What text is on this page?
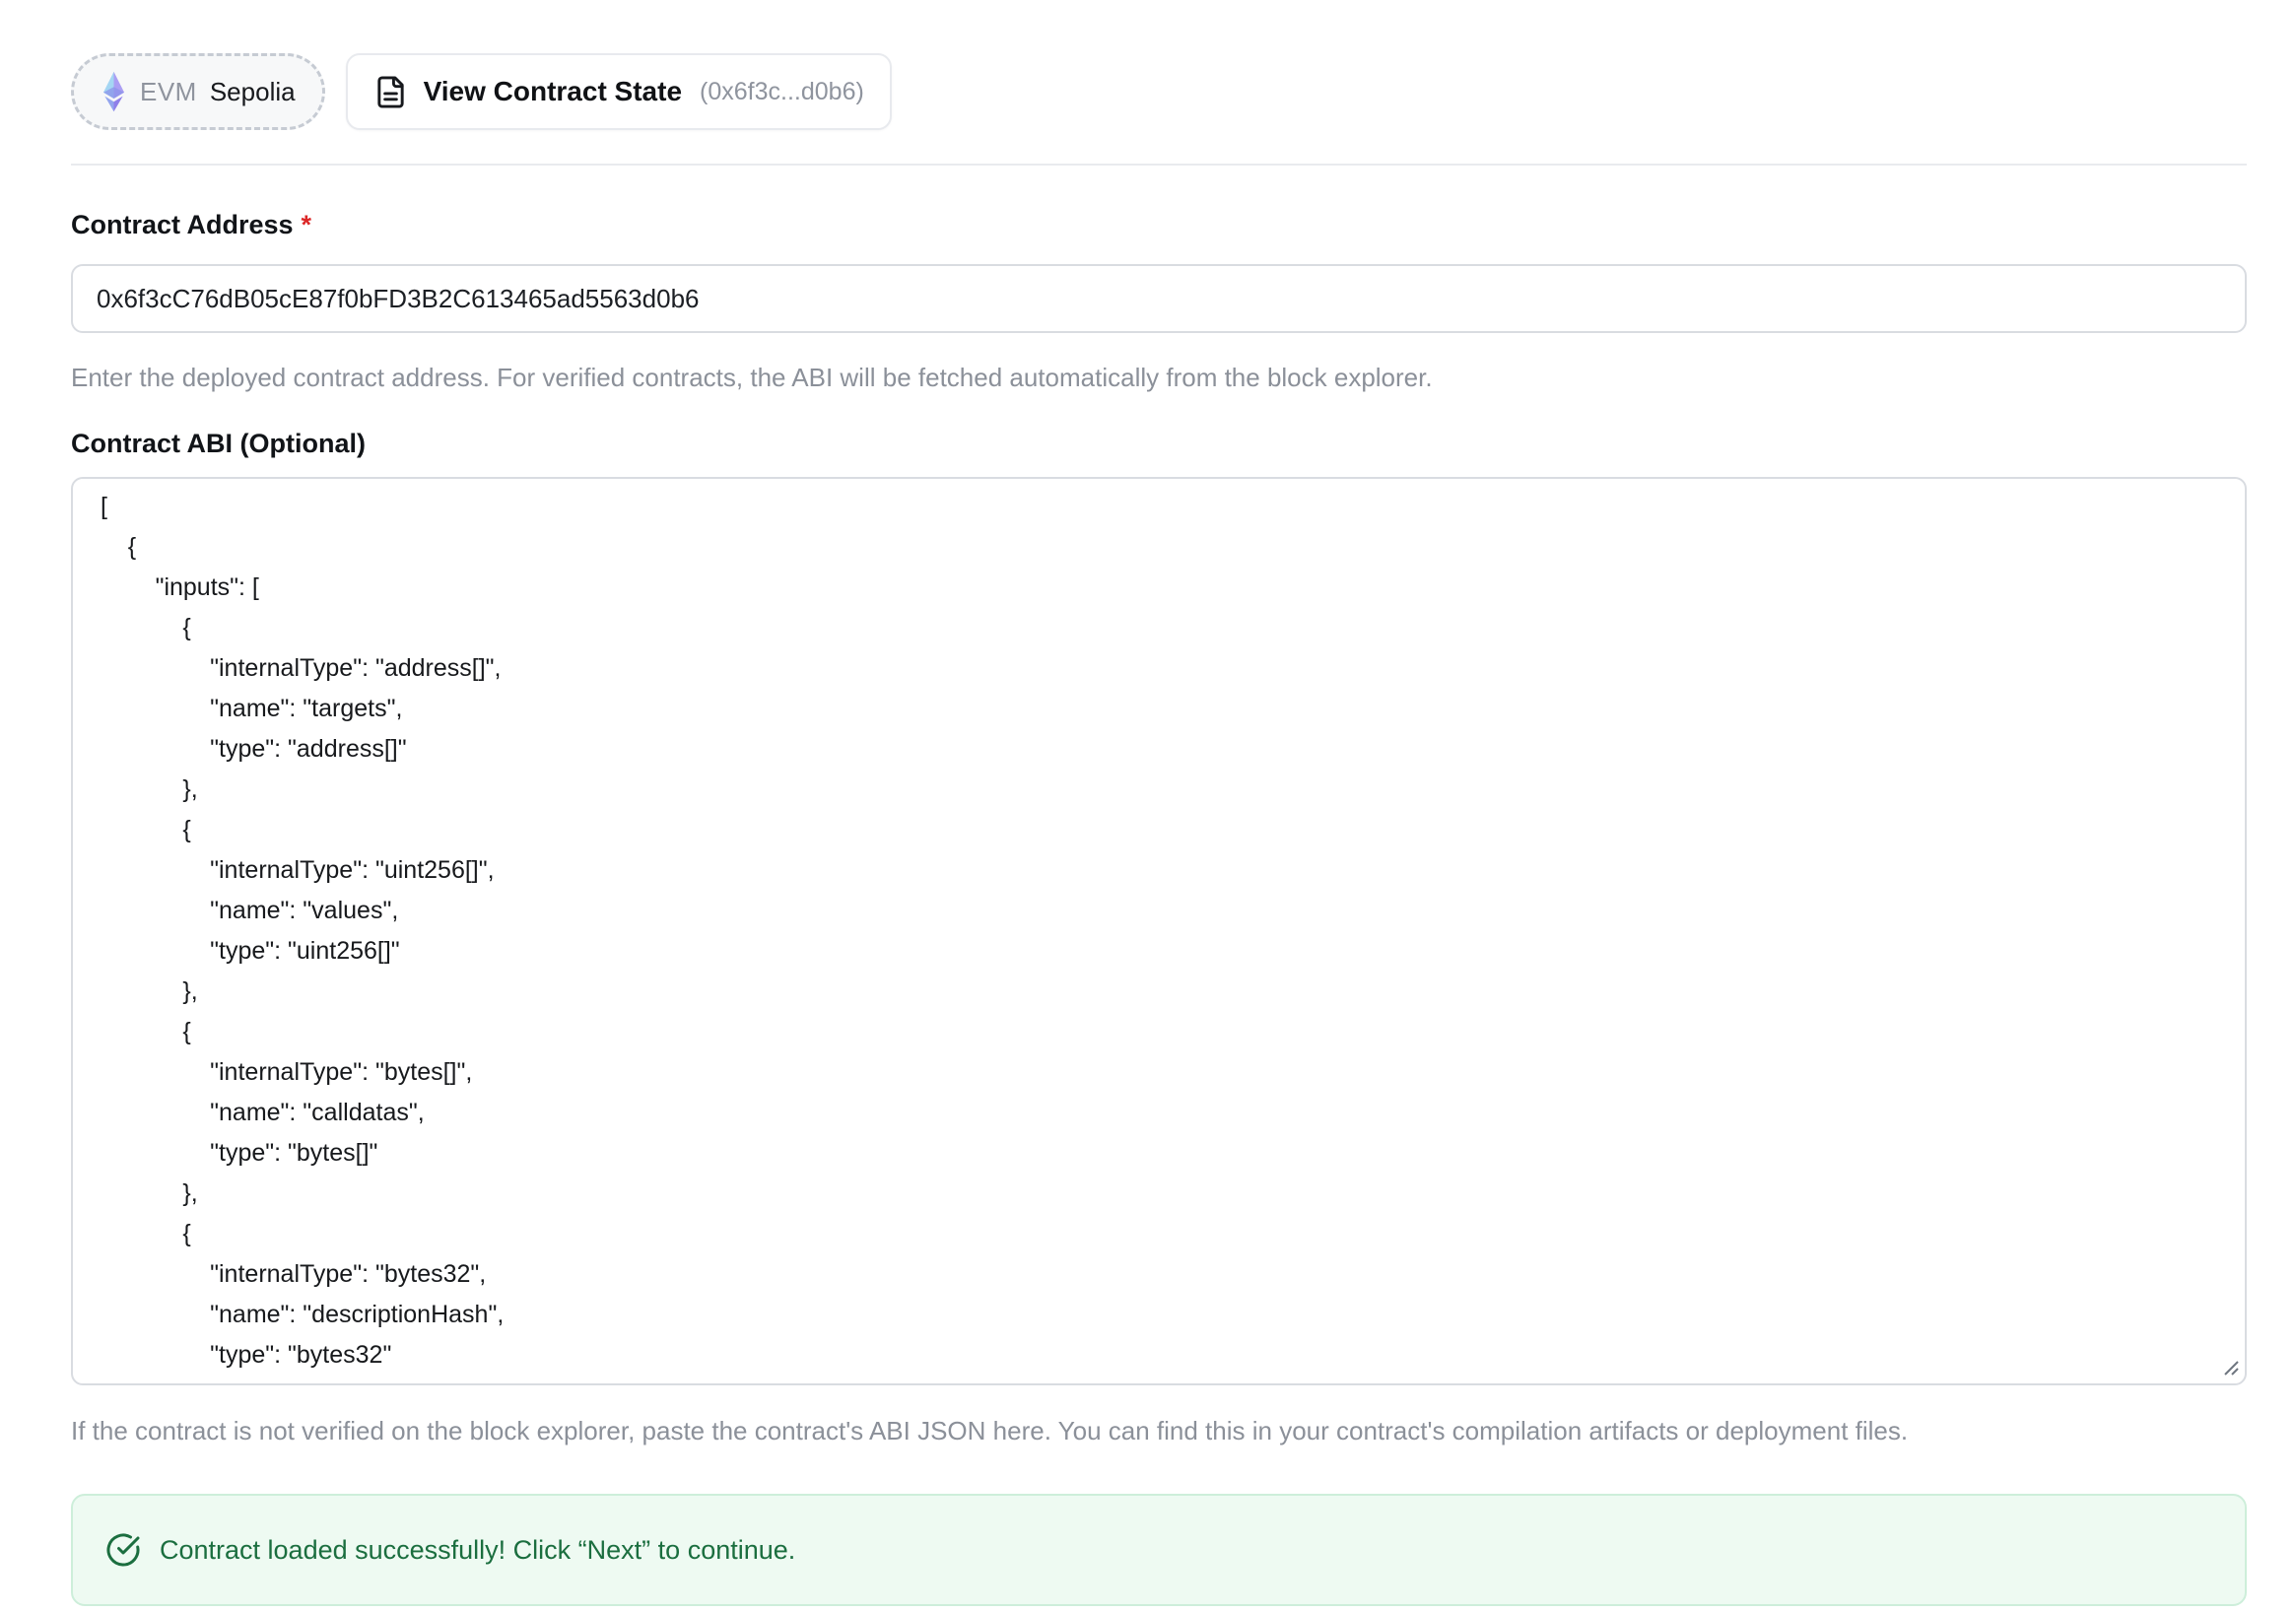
EVM Sepolia	View Contract State (0x6f3c...d0b6)
Contract Address *
0x6f3cC76dB05cE87f0bFD3B2C613465ad5563d0b6
Enter the deployed contract address. For verified contracts, the ABI will be fetched automatically from the block explorer.
Contract ABI (Optional)
[ { "inputs": [ { "internalType": "address[]", "name": "targets", "type": "address[]" }, { "internalType": "uint256[]", "name": "values", "type": "uint256[]" }, { "internalType": "bytes[]", "name": "calldatas", "type": "bytes[]" }, { "internalType": "bytes32", "name": "descriptionHash", "type": "bytes32" },
If the contract is not verified on the block explorer, paste the contract's ABI JSON here. You can find this in your contract's compilation artifacts or deployment files.
Contract loaded successfully! Click “Next” to continue.
